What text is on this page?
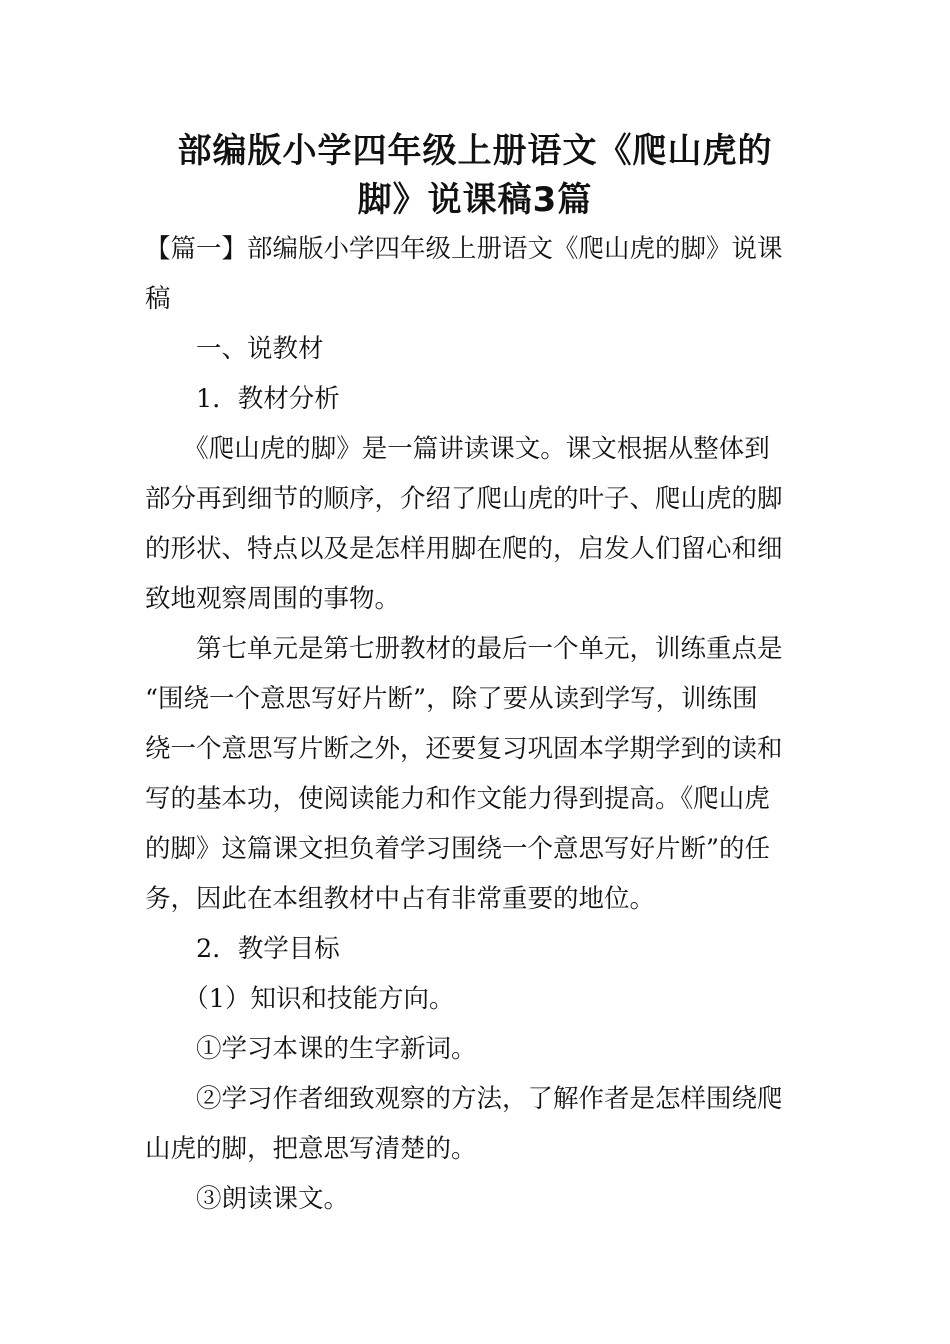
部编版小学四年级上册语文《爬山虎的
脚》说课稿3篇

【篇一】部编版小学四年级上册语文《爬山虎的脚》说课

稿

　　一、说教材

　　1．教材分析

　　《爬山虎的脚》是一篇讲读课文。课文根据从整体到

部分再到细节的顺序，介绍了爬山虎的叶子、爬山虎的脚

的形状、特点以及是怎样用脚在爬的，启发人们留心和细

致地观察周围的事物。

　　第七单元是第七册教材的最后一个单元，训练重点是

“围绕一个意思写好片断”，除了要从读到学写，训练围

绕一个意思写片断之外，还要复习巩固本学期学到的读和

写的基本功，使阅读能力和作文能力得到提高。《爬山虎

的脚》这篇课文担负着学习围绕一个意思写好片断”的任

务，因此在本组教材中占有非常重要的地位。

　　2．教学目标

　　（1）知识和技能方向。

　　①学习本课的生字新词。

　　②学习作者细致观察的方法，了解作者是怎样围绕爬

山虎的脚，把意思写清楚的。

　　③朗读课文。
